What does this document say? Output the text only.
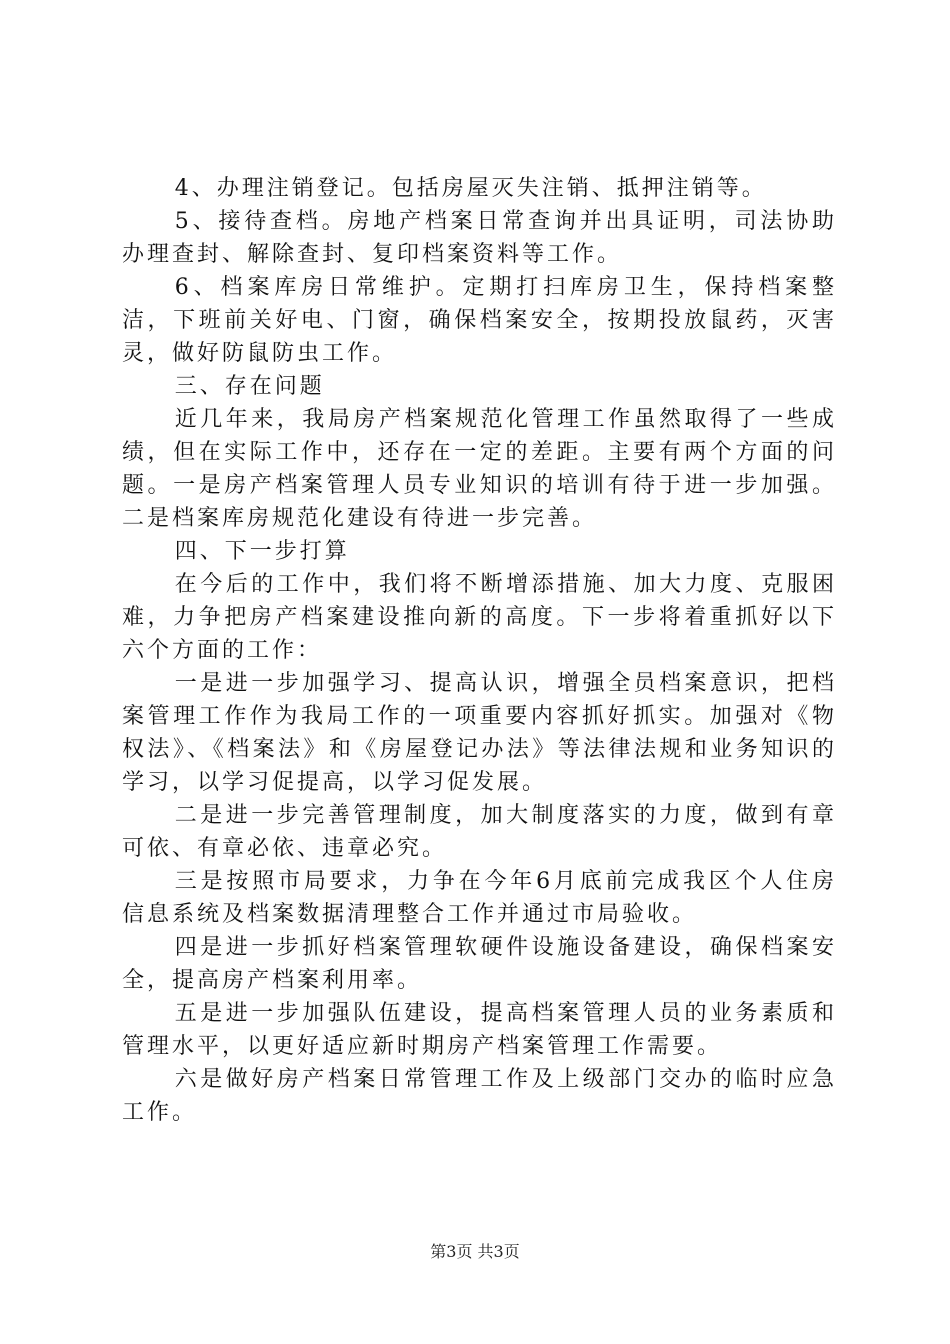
4、办理注销登记。包括房屋灭失注销、抵押注销等。

5、接待查档。房地产档案日常查询并出具证明，司法协助办理查封、解除查封、复印档案资料等工作。

6、档案库房日常维护。定期打扫库房卫生，保持档案整洁，下班前关好电、门窗，确保档案安全，按期投放鼠药，灭害灵，做好防鼠防虫工作。

三、存在问题

近几年来，我局房产档案规范化管理工作虽然取得了一些成绩，但在实际工作中，还存在一定的差距。主要有两个方面的问题。一是房产档案管理人员专业知识的培训有待于进一步加强。二是档案库房规范化建设有待进一步完善。

四、下一步打算

在今后的工作中，我们将不断增添措施、加大力度、克服困难，力争把房产档案建设推向新的高度。下一步将着重抓好以下六个方面的工作：

一是进一步加强学习、提高认识，增强全员档案意识，把档案管理工作作为我局工作的一项重要内容抓好抓实。加强对《物权法》、《档案法》和《房屋登记办法》等法律法规和业务知识的学习，以学习促提高，以学习促发展。

二是进一步完善管理制度，加大制度落实的力度，做到有章可依、有章必依、违章必究。

三是按照市局要求，力争在今年6月底前完成我区个人住房信息系统及档案数据清理整合工作并通过市局验收。

四是进一步抓好档案管理软硬件设施设备建设，确保档案安全，提高房产档案利用率。

五是进一步加强队伍建设，提高档案管理人员的业务素质和管理水平，以更好适应新时期房产档案管理工作需要。

六是做好房产档案日常管理工作及上级部门交办的临时应急工作。

第3页 共3页
